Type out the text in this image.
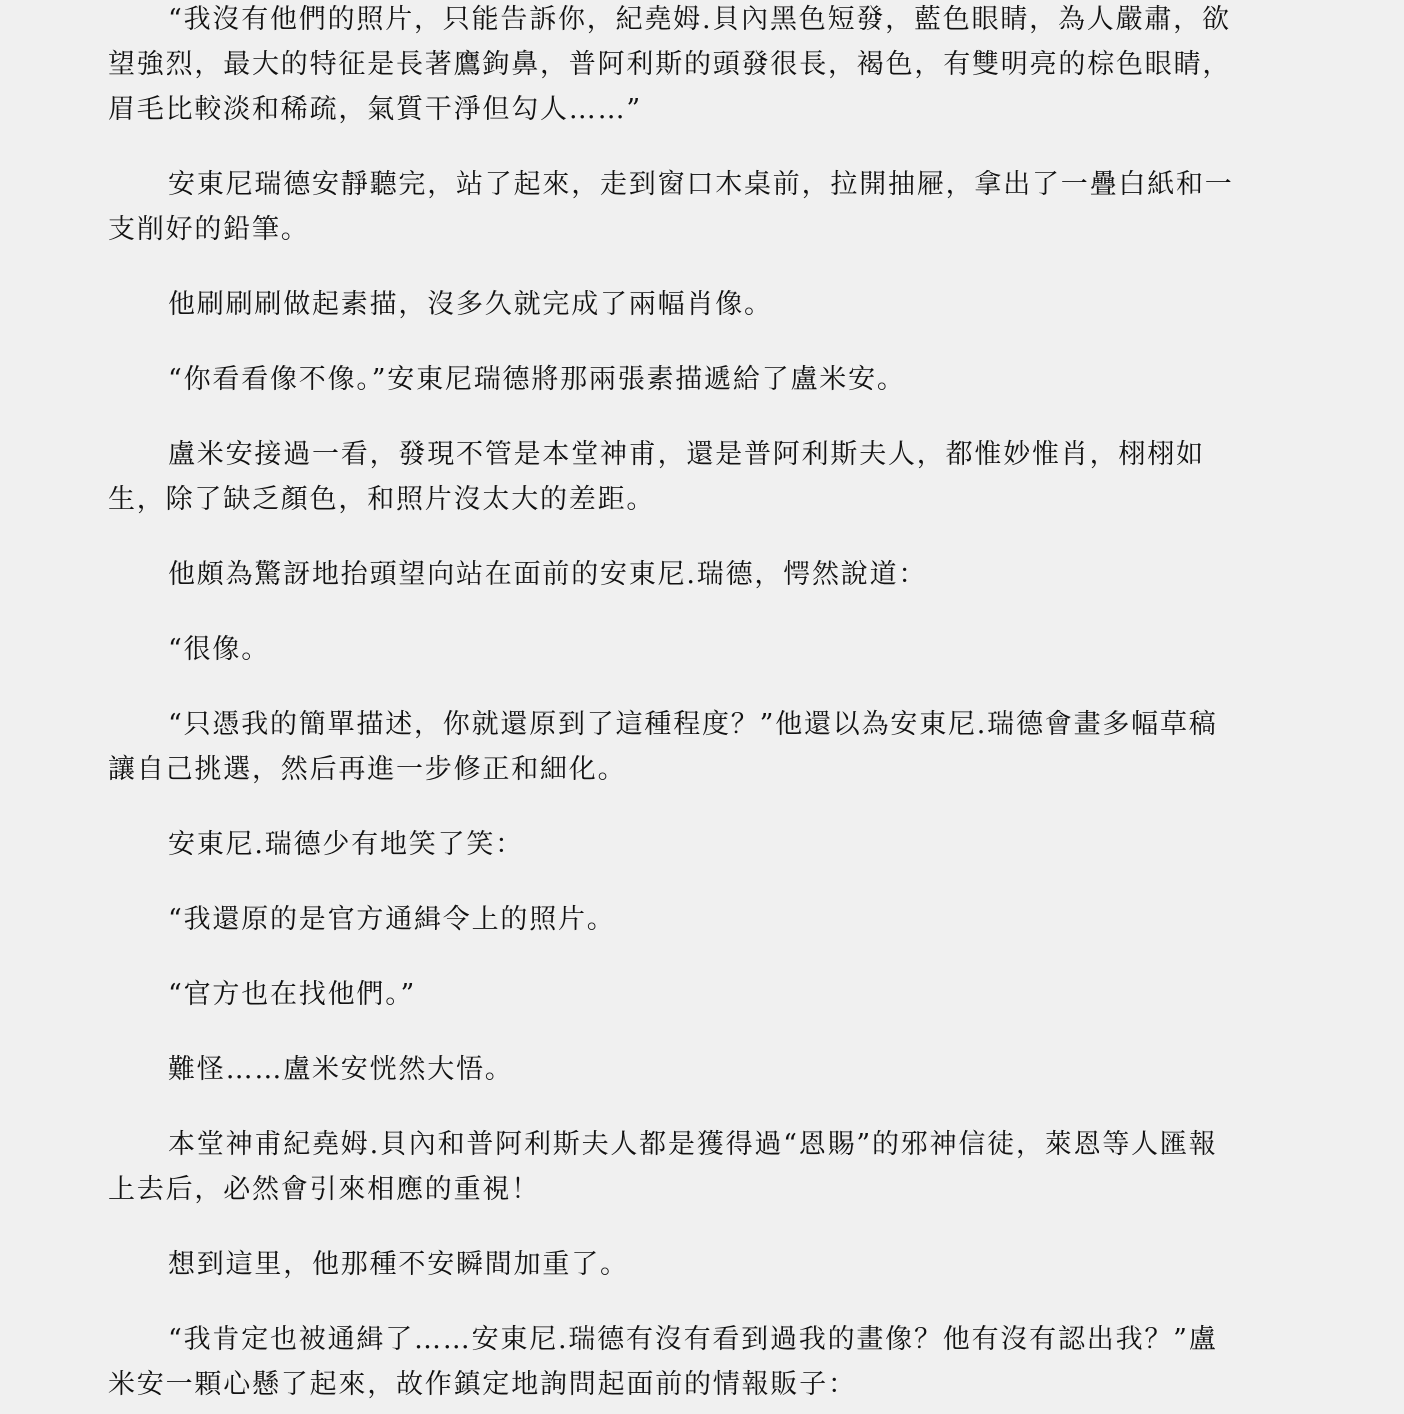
“我沒有他們的照片，只能告訴你，紀堯姆.貝內黑色短發，藍色眼睛，為人嚴肅，欲望強烈，最大的特征是長著鷹鉤鼻，普阿利斯的頭發很長，褐色，有雙明亮的棕色眼睛，眉毛比較淡和稀疏，氣質干淨但勾人……”

安東尼瑞德安靜聽完，站了起來，走到窗口木桌前，拉開抽屜，拿出了一疊白紙和一支削好的鉛筆。

他刷刷刷做起素描，沒多久就完成了兩幅肖像。

“你看看像不像。”安東尼瑞德將那兩張素描遞給了盧米安。

盧米安接過一看，發現不管是本堂神甫，還是普阿利斯夫人，都惟妙惟肖，栩栩如生，除了缺乏顏色，和照片沒太大的差距。

他頗為驚訝地抬頭望向站在面前的安東尼.瑞德，愕然說道：

“很像。

“只憑我的簡單描述，你就還原到了這種程度？”他還以為安東尼.瑞德會畫多幅草稿讓自己挑選，然后再進一步修正和細化。

安東尼.瑞德少有地笑了笑：

“我還原的是官方通緝令上的照片。

“官方也在找他們。”

難怪……盧米安恍然大悟。

本堂神甫紀堯姆.貝內和普阿利斯夫人都是獲得過“恩賜”的邪神信徒，萊恩等人匯報上去后，必然會引來相應的重視！

想到這里，他那種不安瞬間加重了。

“我肯定也被通緝了……安東尼.瑞德有沒有看到過我的畫像？他有沒有認出我？”盧米安一顆心懸了起來，故作鎮定地詢問起面前的情報販子：
